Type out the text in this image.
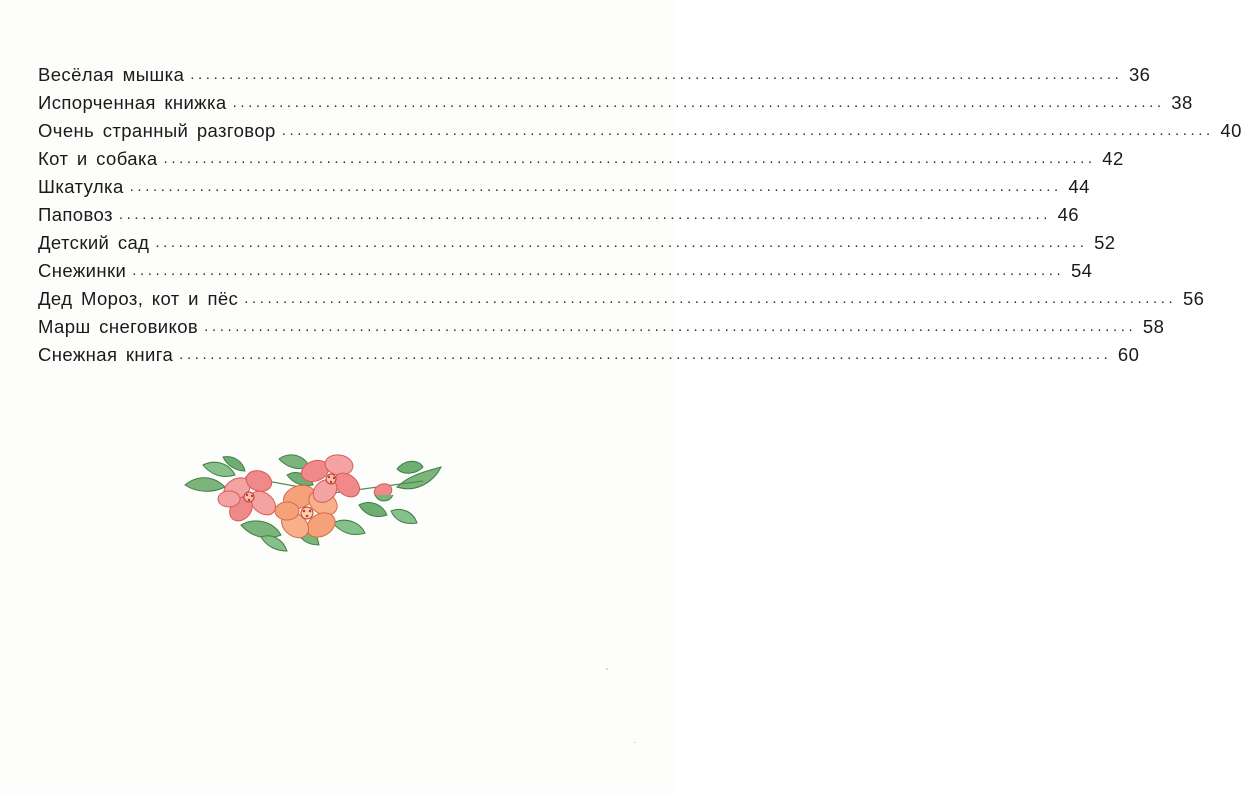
Весёлая мышка ........................................................................................................................ 36
Испорченная книжка ........................................................................................................................ 38
Очень странный разговор ........................................................................................................................ 40
Кот и собака ........................................................................................................................ 42
Шкатулка ........................................................................................................................ 44
Паповоз ........................................................................................................................ 46
Детский сад ........................................................................................................................ 52
Снежинки ........................................................................................................................ 54
Дед Мороз, кот и пёс ........................................................................................................................ 56
Марш снеговиков ........................................................................................................................ 58
Снежная книга ........................................................................................................................ 60
